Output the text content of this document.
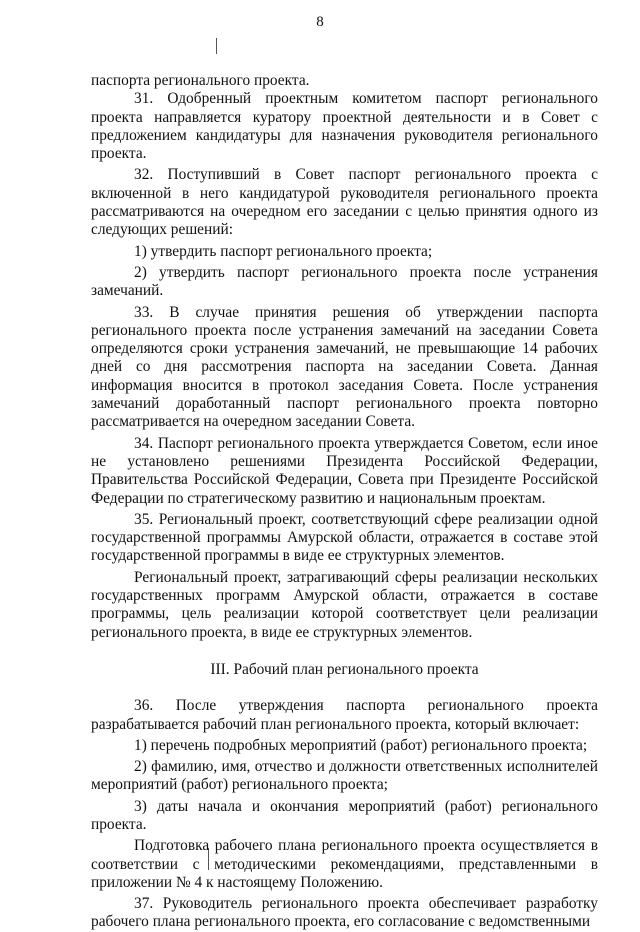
8

паспорта регионального проекта.

31. Одобренный проектным комитетом паспорт регионального проекта направляется куратору проектной деятельности и в Совет с предложением кандидатуры для назначения руководителя регионального проекта.

32. Поступивший в Совет паспорт регионального проекта с включенной в него кандидатурой руководителя регионального проекта рассматриваются на очередном его заседании с целью принятия одного из следующих решений:

1) утвердить паспорт регионального проекта;

2) утвердить паспорт регионального проекта после устранения замечаний.

33. В случае принятия решения об утверждении паспорта регионального проекта после устранения замечаний на заседании Совета определяются сроки устранения замечаний, не превышающие 14 рабочих дней со дня рассмотрения паспорта на заседании Совета. Данная информация вносится в протокол заседания Совета. После устранения замечаний доработанный паспорт регионального проекта повторно рассматривается на очередном заседании Совета.

34. Паспорт регионального проекта утверждается Советом, если иное не установлено решениями Президента Российской Федерации, Правительства Российской Федерации, Совета при Президенте Российской Федерации по стратегическому развитию и национальным проектам.

35. Региональный проект, соответствующий сфере реализации одной государственной программы Амурской области, отражается в составе этой государственной программы в виде ее структурных элементов.

Региональный проект, затрагивающий сферы реализации нескольких государственных программ Амурской области, отражается в составе программы, цель реализации которой соответствует цели реализации регионального проекта, в виде ее структурных элементов.

III. Рабочий план регионального проекта

36. После утверждения паспорта регионального проекта разрабатывается рабочий план регионального проекта, который включает:

1) перечень подробных мероприятий (работ) регионального проекта;

2) фамилию, имя, отчество и должности ответственных исполнителей мероприятий (работ) регионального проекта;

3) даты начала и окончания мероприятий (работ) регионального проекта.

Подготовка рабочего плана регионального проекта осуществляется в соответствии с методическими рекомендациями, представленными в приложении № 4 к настоящему Положению.

37. Руководитель регионального проекта обеспечивает разработку рабочего плана регионального проекта, его согласование с ведомственными
